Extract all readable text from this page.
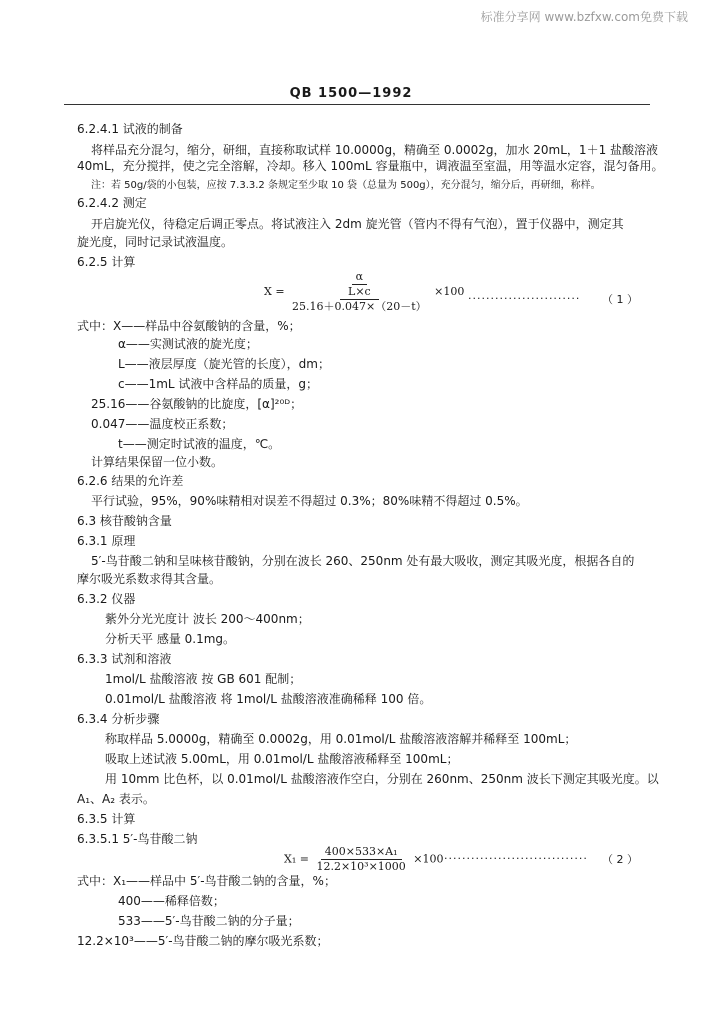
标准分享网 www.bzfxw.com免费下载
QB 1500—1992
6.2.4.1 试液的制备
将样品充分混匀，缩分，研细，直接称取试样 10.0000g，精确至 0.0002g，加水 20mL，1＋1 盐酸溶液
40mL，充分搅拌，使之完全溶解，冷却。移入 100mL 容量瓶中，调液温至室温，用等温水定容，混匀备用。
注：若 50g/袋的小包装，应按 7.3.3.2 条规定至少取 10 袋（总量为 500g），充分混匀，缩分后，再研细，称样。
6.2.4.2 测定
开启旋光仪，待稳定后调正零点。将试液注入 2dm 旋光管（管内不得有气泡），置于仪器中，测定其
旋光度，同时记录试液温度。
6.2.5 计算
$X = \frac{\frac{\alpha}{L\times c}}{25.16+0.047\times(20-t)} \times 100$
························· （ 1 ）
式中：X——样品中谷氨酸钠的含量，%；
α——实测试液的旋光度；
L——液层厚度（旋光管的长度），dm；
c——1mL 试液中含样品的质量，g；
25.16——谷氨酸钠的比旋度，[α]²⁰ᴰ；
0.047——温度校正系数；
t——测定时试液的温度，℃。
计算结果保留一位小数。
6.2.6 结果的允许差
平行试验，95%，90%味精相对误差不得超过 0.3%；80%味精不得超过 0.5%。
6.3 核苷酸钠含量
6.3.1 原理
5′-鸟苷酸二钠和呈味核苷酸钠，分别在波长 260、250nm 处有最大吸收，测定其吸光度，根据各自的
摩尔吸光系数求得其含量。
6.3.2 仪器
紫外分光光度计 波长 200～400nm；
分析天平 感量 0.1mg。
6.3.3 试剂和溶液
1mol/L 盐酸溶液 按 GB 601 配制；
0.01mol/L 盐酸溶液 将 1mol/L 盐酸溶液准确稀释 100 倍。
6.3.4 分析步骤
称取样品 5.0000g，精确至 0.0002g，用 0.01mol/L 盐酸溶液溶解并稀释至 100mL；
吸取上述试液 5.00mL，用 0.01mol/L 盐酸溶液稀释至 100mL；
用 10mm 比色杯，以 0.01mol/L 盐酸溶液作空白，分别在 260nm、250nm 波长下测定其吸光度。以
A₁、A₂ 表示。
6.3.5 计算
6.3.5.1 5′-鸟苷酸二钠
$X_1 = \frac{\text{400×533×A₁}}{\text{12.2×10³×1000}} \times 100$ ································ （ 2 ）
式中：X₁——样品中 5′-鸟苷酸二钠的含量，%；
400——稀释倍数；
533——5′-鸟苷酸二钠的分子量；
12.2×10³——5′-鸟苷酸二钠的摩尔吸光系数；
